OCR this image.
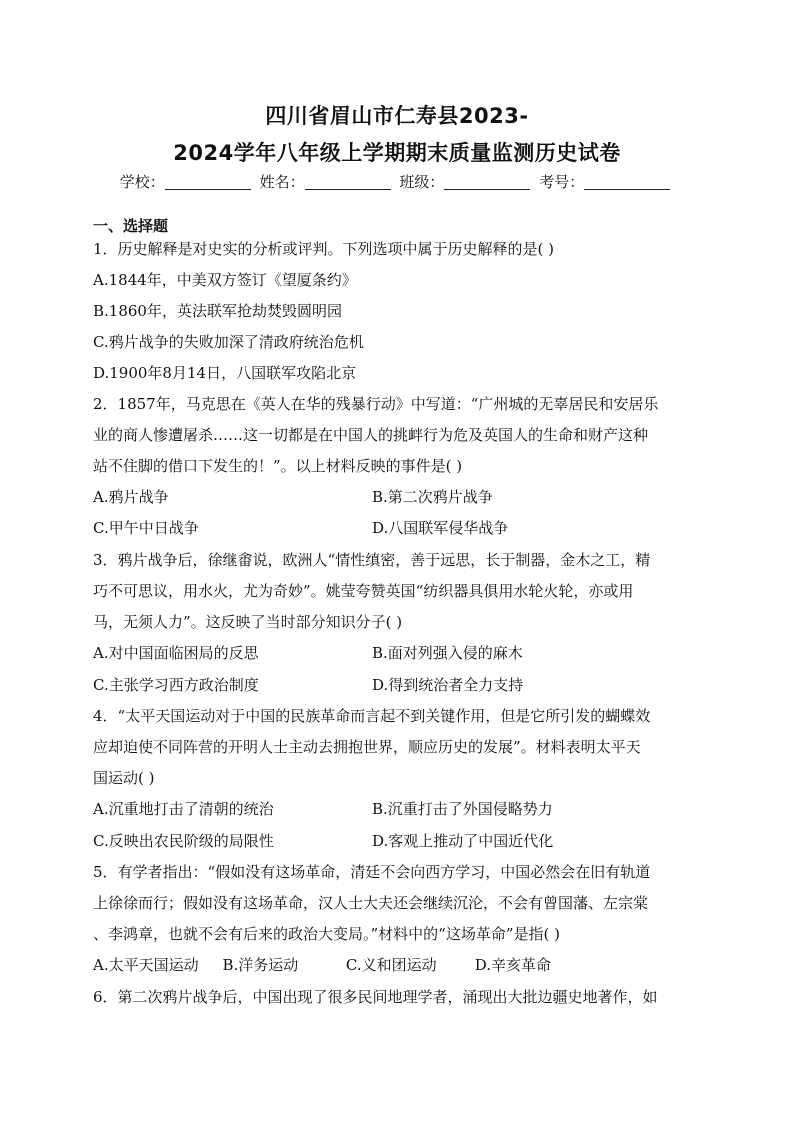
四川省眉山市仁寿县2023-
2024学年八年级上学期期末质量监测历史试卷
学校：	姓名：	班级：	考号：
一、选择题
1．历史解释是对史实的分析或评判。下列选项中属于历史解释的是( )
A.1844年，中美双方签订《望厦条约》
B.1860年，英法联军抢劫焚毁圆明园
C.鸦片战争的失败加深了清政府统治危机
D.1900年8月14日，八国联军攻陷北京
2．1857年，马克思在《英人在华的残暴行动》中写道：“广州城的无辜居民和安居乐
业的商人惨遭屠杀……这一切都是在中国人的挑衅行为危及英国人的生命和财产这种
站不住脚的借口下发生的！”。以上材料反映的事件是( )
A.鸦片战争	B.第二次鸦片战争
C.甲午中日战争	D.八国联军侵华战争
3．鸦片战争后，徐继畬说，欧洲人“情性缜密，善于远思，长于制器，金木之工，精
巧不可思议，用水火，尤为奇妙”。姚莹夸赞英国“纺织器具俱用水轮火轮，亦或用
马，无须人力”。这反映了当时部分知识分子( )
A.对中国面临困局的反思	B.面对列强入侵的麻木
C.主张学习西方政治制度	D.得到统治者全力支持
4．“太平天国运动对于中国的民族革命而言起不到关键作用，但是它所引发的蝴蝶效
应却迫使不同阵营的开明人士主动去拥抱世界，顺应历史的发展”。材料表明太平天
国运动( )
A.沉重地打击了清朝的统治	B.沉重打击了外国侵略势力
C.反映出农民阶级的局限性	D.客观上推动了中国近代化
5．有学者指出：“假如没有这场革命，清廷不会向西方学习，中国必然会在旧有轨道
上徐徐而行；假如没有这场革命，汉人士大夫还会继续沉沦，不会有曾国藩、左宗棠
、李鸿章，也就不会有后来的政治大变局。”材料中的“这场革命”是指( )
A.太平天国运动     B.洋务运动          C.义和团运动        D.辛亥革命
6．第二次鸦片战争后，中国出现了很多民间地理学者，涌现出大批边疆史地著作，如
